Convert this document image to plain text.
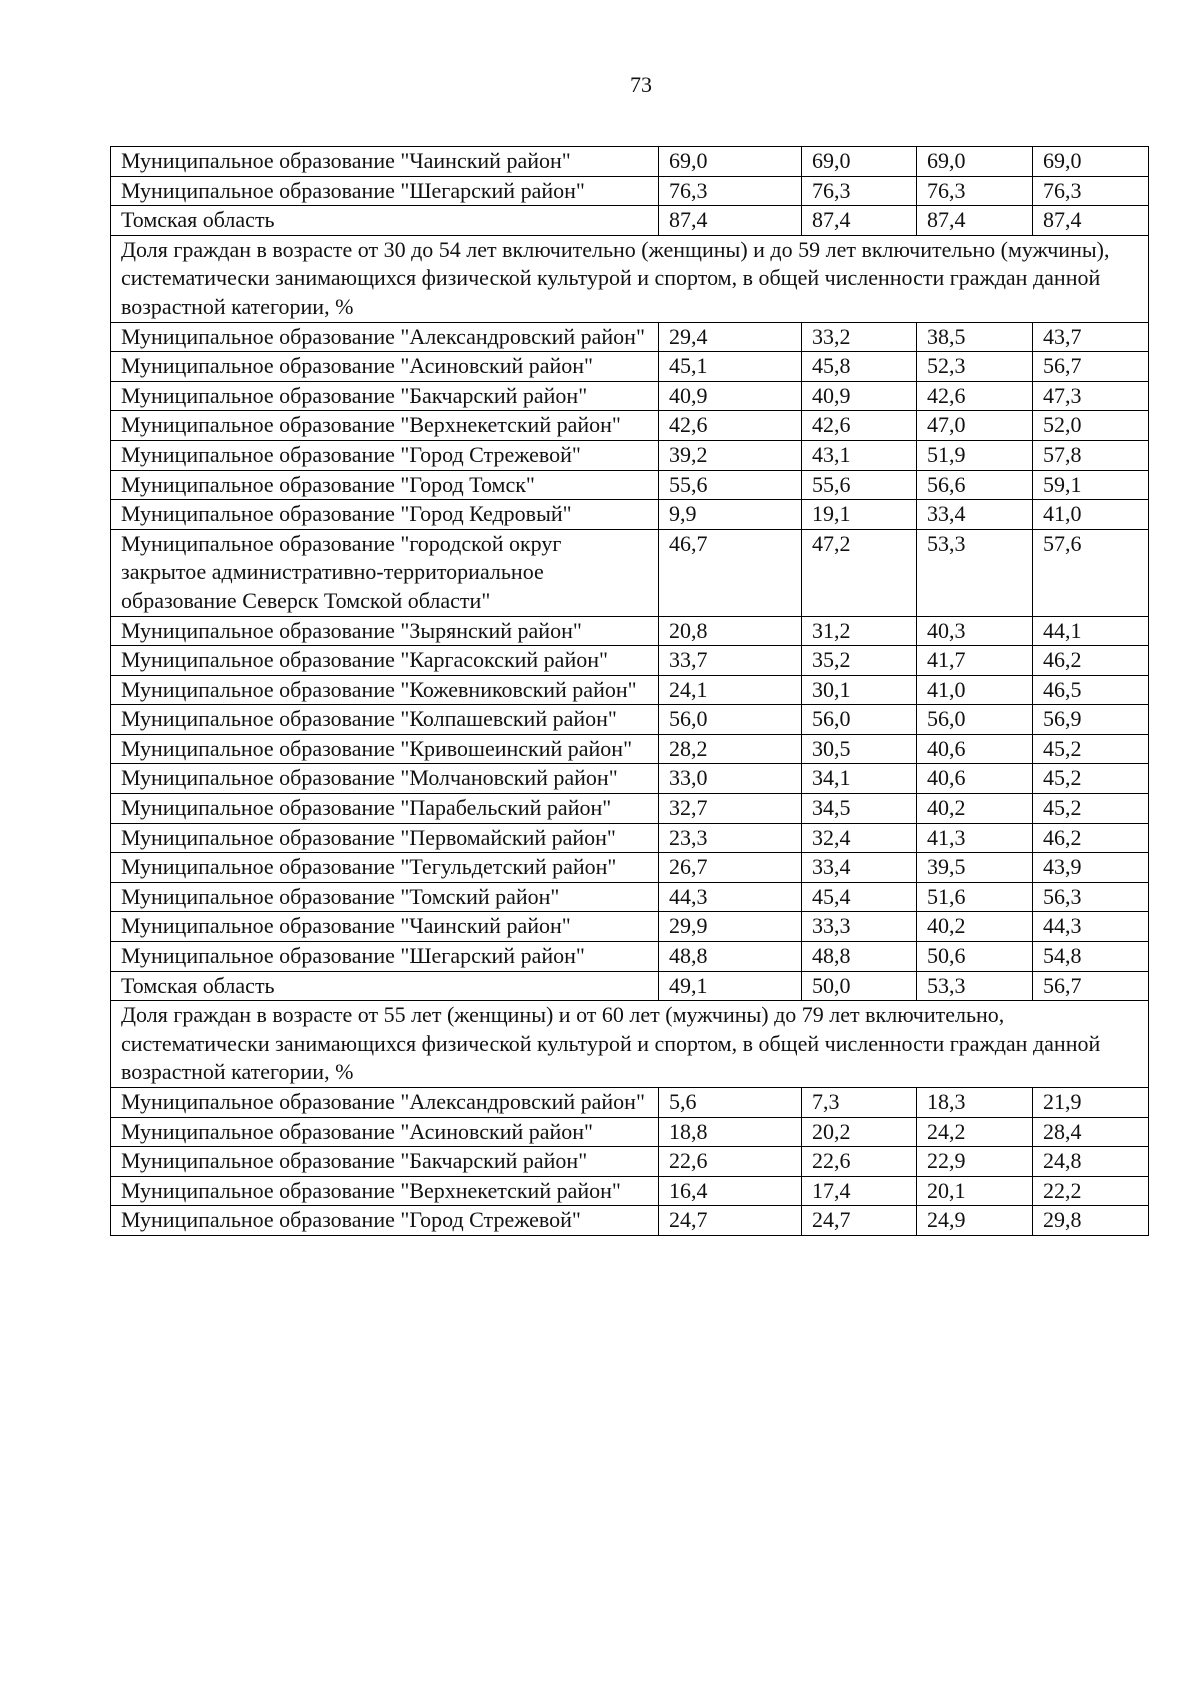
73
Муниципальное образование "Чаинский район"	69,0	69,0	69,0	69,0
Муниципальное образование "Шегарский район"	76,3	76,3	76,3	76,3
Томская область	87,4	87,4	87,4	87,4
Доля граждан в возрасте от 30 до 54 лет включительно (женщины) и до 59 лет включительно (мужчины), систематически занимающихся физической культурой и спортом, в общей численности граждан данной возрастной категории, %				
Муниципальное образование "Александровский район"	29,4	33,2	38,5	43,7
Муниципальное образование "Асиновский район"	45,1	45,8	52,3	56,7
Муниципальное образование "Бакчарский район"	40,9	40,9	42,6	47,3
Муниципальное образование "Верхнекетский район"	42,6	42,6	47,0	52,0
Муниципальное образование "Город Стрежевой"	39,2	43,1	51,9	57,8
Муниципальное образование "Город Томск"	55,6	55,6	56,6	59,1
Муниципальное образование "Город Кедровый"	9,9	19,1	33,4	41,0
Муниципальное образование "городской округ закрытое административно-территориальное образование Северск Томской области"	46,7	47,2	53,3	57,6
Муниципальное образование "Зырянский район"	20,8	31,2	40,3	44,1
Муниципальное образование "Каргасокский район"	33,7	35,2	41,7	46,2
Муниципальное образование "Кожевниковский район"	24,1	30,1	41,0	46,5
Муниципальное образование "Колпашевский район"	56,0	56,0	56,0	56,9
Муниципальное образование "Кривошеинский район"	28,2	30,5	40,6	45,2
Муниципальное образование "Молчановский район"	33,0	34,1	40,6	45,2
Муниципальное образование "Парабельский район"	32,7	34,5	40,2	45,2
Муниципальное образование "Первомайский район"	23,3	32,4	41,3	46,2
Муниципальное образование "Тегульдетский район"	26,7	33,4	39,5	43,9
Муниципальное образование "Томский район"	44,3	45,4	51,6	56,3
Муниципальное образование "Чаинский район"	29,9	33,3	40,2	44,3
Муниципальное образование "Шегарский район"	48,8	48,8	50,6	54,8
Томская область	49,1	50,0	53,3	56,7
Доля граждан в возрасте от 55 лет (женщины) и от 60 лет (мужчины) до 79 лет включительно, систематически занимающихся физической культурой и спортом, в общей численности граждан данной возрастной категории, %				
Муниципальное образование "Александровский район"	5,6	7,3	18,3	21,9
Муниципальное образование "Асиновский район"	18,8	20,2	24,2	28,4
Муниципальное образование "Бакчарский район"	22,6	22,6	22,9	24,8
Муниципальное образование "Верхнекетский район"	16,4	17,4	20,1	22,2
Муниципальное образование "Город Стрежевой"	24,7	24,7	24,9	29,8
